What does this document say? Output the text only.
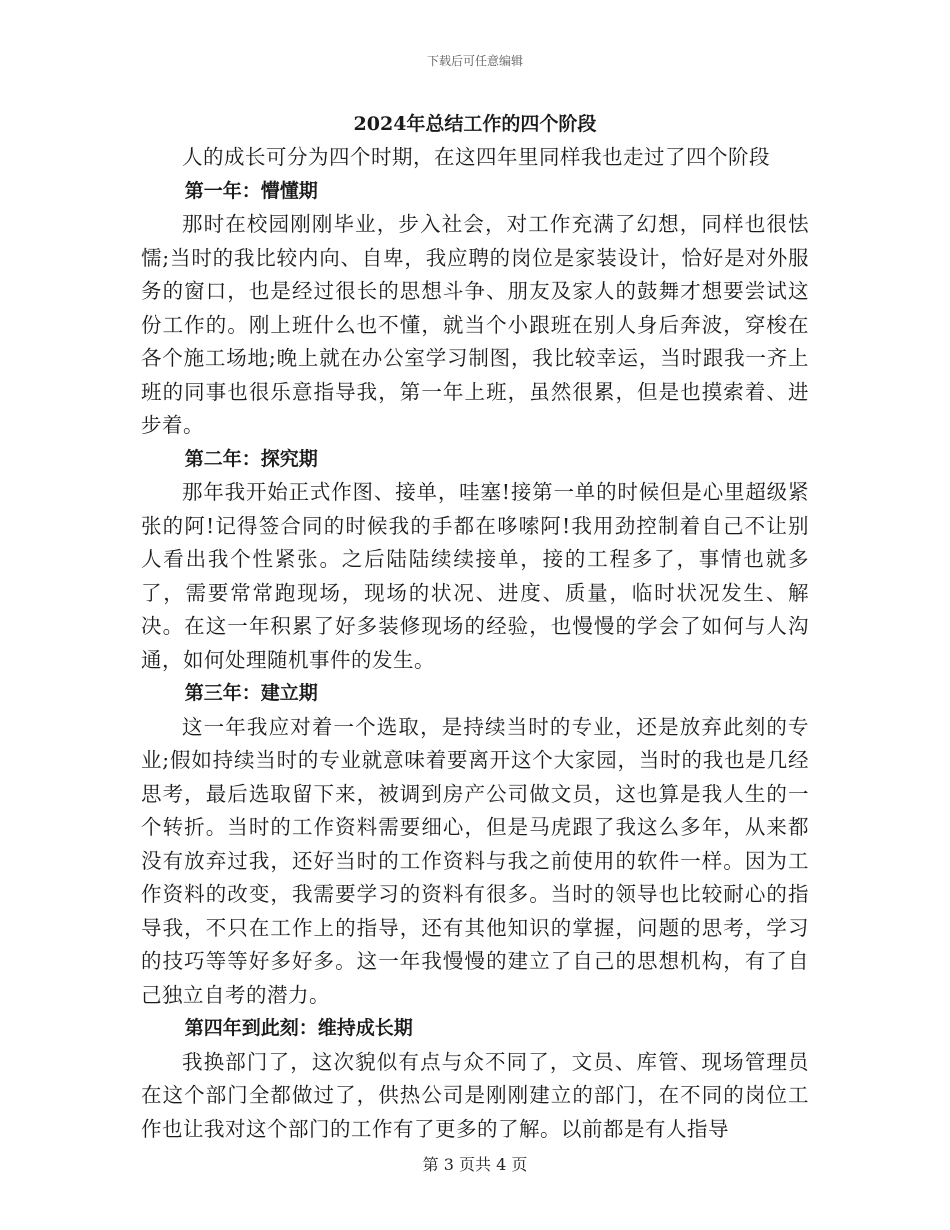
下载后可任意编辑
2024年总结工作的四个阶段

人的成长可分为四个时期，在这四年里同样我也走过了四个阶段

第一年：懵懂期

那时在校园刚刚毕业，步入社会，对工作充满了幻想，同样也很怯懦;当时的我比较内向、自卑，我应聘的岗位是家装设计，恰好是对外服务的窗口，也是经过很长的思想斗争、朋友及家人的鼓舞才想要尝试这份工作的。刚上班什么也不懂，就当个小跟班在别人身后奔波，穿梭在各个施工场地;晚上就在办公室学习制图，我比较幸运，当时跟我一齐上班的同事也很乐意指导我，第一年上班，虽然很累，但是也摸索着、进步着。

第二年：探究期

那年我开始正式作图、接单，哇塞!接第一单的时候但是心里超级紧张的阿!记得签合同的时候我的手都在哆嗦阿!我用劲控制着自己不让别人看出我个性紧张。之后陆陆续续接单，接的工程多了，事情也就多了，需要常常跑现场，现场的状况、进度、质量，临时状况发生、解决。在这一年积累了好多装修现场的经验，也慢慢的学会了如何与人沟通，如何处理随机事件的发生。

第三年：建立期

这一年我应对着一个选取，是持续当时的专业，还是放弃此刻的专业;假如持续当时的专业就意味着要离开这个大家园，当时的我也是几经思考，最后选取留下来，被调到房产公司做文员，这也算是我人生的一个转折。当时的工作资料需要细心，但是马虎跟了我这么多年，从来都没有放弃过我，还好当时的工作资料与我之前使用的软件一样。因为工作资料的改变，我需要学习的资料有很多。当时的领导也比较耐心的指导我，不只在工作上的指导，还有其他知识的掌握，问题的思考，学习的技巧等等好多好多。这一年我慢慢的建立了自己的思想机构，有了自己独立自考的潜力。

第四年到此刻：维持成长期

我换部门了，这次貌似有点与众不同了，文员、库管、现场管理员在这个部门全都做过了，供热公司是刚刚建立的部门，在不同的岗位工作也让我对这个部门的工作有了更多的了解。以前都是有人指导

第 3 页共 4 页
